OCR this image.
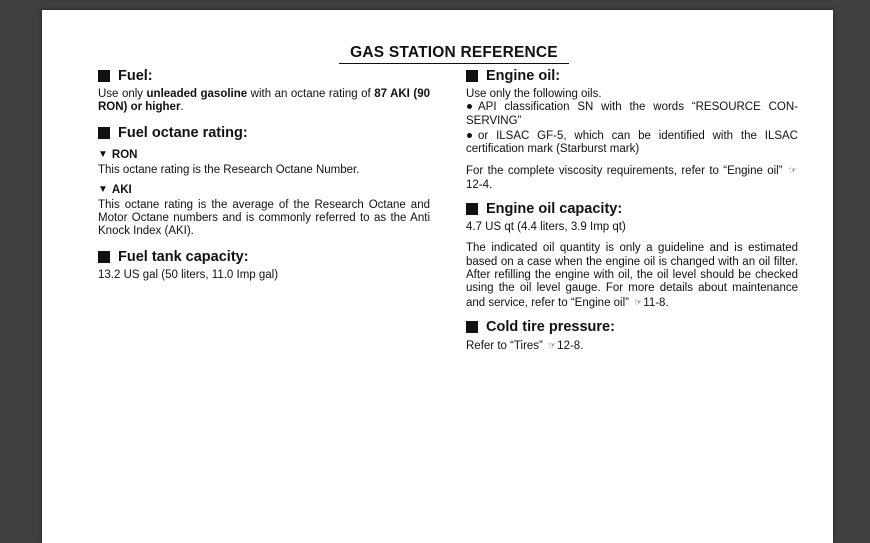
GAS STATION REFERENCE
Fuel:

Use only unleaded gasoline with an octane rating of 87 AKI (90 RON) or higher.

Fuel octane rating:
▼ RON

This octane rating is the Research Octane Number.

▼ AKI

This octane rating is the average of the Research Octane and Motor Octane numbers and is commonly referred to as the Anti Knock Index (AKI).

Fuel tank capacity:

13.2 US gal (50 liters, 11.0 Imp gal)

Engine oil:

Use only the following oils.

API classification SN with the words “RESOURCE CON-SERVING”
or ILSAC GF-5, which can be identified with the ILSAC certification mark (Starburst mark)

For the complete viscosity requirements, refer to “Engine oil” ☞12-4.

Engine oil capacity:

4.7 US qt (4.4 liters, 3.9 Imp qt)

The indicated oil quantity is only a guideline and is estimated based on a case when the engine oil is changed with an oil filter. After refilling the engine with oil, the oil level should be checked using the oil level gauge. For more details about maintenance and service, refer to “Engine oil” ☞11-8.

Cold tire pressure:

Refer to “Tires” ☞12-8.
